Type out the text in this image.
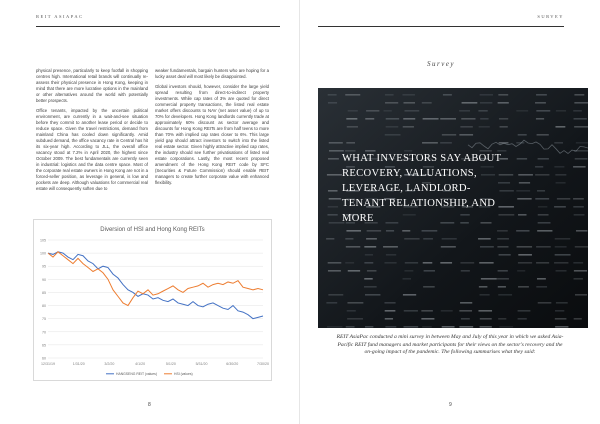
REIT ASIAPAC

physical presence, particularly to keep footfall in shopping centres high. International retail brands will continually re-assess their physical presence in Hong Kong, keeping in mind that there are more lucrative options in the mainland or other alternatives around the world with potentially better prospects.

Office tenants, impacted by the uncertain political environment, are currently in a wait-and-see situation before they commit to another lease period or decide to reduce space. Given the travel restrictions, demand from mainland China has cooled down significantly. Amid subdued demand, the office vacancy rate in Central has hit its six-year high. According to JLL, the overall office vacancy stood at 7.2% in April 2020, the highest since October 2009. The best fundamentals are currently seen in industrial: logistics and the data centre space. Most of the corporate real estate owners in Hong Kong are not in a forced-seller position, as leverage in general, is low and pockets are deep. Although valuations for commercial real estate will consequently soften due to

weaker fundamentals, bargain hunters who are hoping for a lucky asset deal will most likely be disappointed.

Global investors should, however, consider the large yield spread resulting from direct-to-indirect property investments. While cap rates of 3% are quoted for direct commercial property transactions, the listed real estate market offers discounts to NAV (net asset value) of up to 70% for developers. Hong Kong landlords currently trade at approximately 60% discount as sector average and discounts for Hong Kong REITs are from half teens to more than 70% with implied cap rates closer to 6%. This large yield gap should attract investors to switch into the listed real estate sector. Given highly attractive implied cap rates, the industry should see further privatisations of listed real estate corporations. Lastly, the most recent proposed amendment of the Hong Kong REIT code by SFC (Securities & Future Commission) should enable REIT managers to create further corporate value with enhanced flexibility.

Diversion of HSI and Hong Kong REITs
105
100
95
90
85
80
75
70
65
60
12/31/19	1/31/20	3/2/20	4/1/20	5/1/20	5/31/20	6/30/20	7/30/20
HANGSENG REIT (values)	HSI (values)
8
SURVEY
Survey
WHAT INVESTORS SAY ABOUT RECOVERY, VALUATIONS, LEVERAGE, LANDLORD-TENANT RELATIONSHIP, AND MORE
REIT AsiaPac conducted a mini survey in between May and July of this year in which we asked Asia-Pacific REIT fund managers and market participants for their views on the sector's recovery and the on-going impact of the pandemic. The following summarises what they said:
9
